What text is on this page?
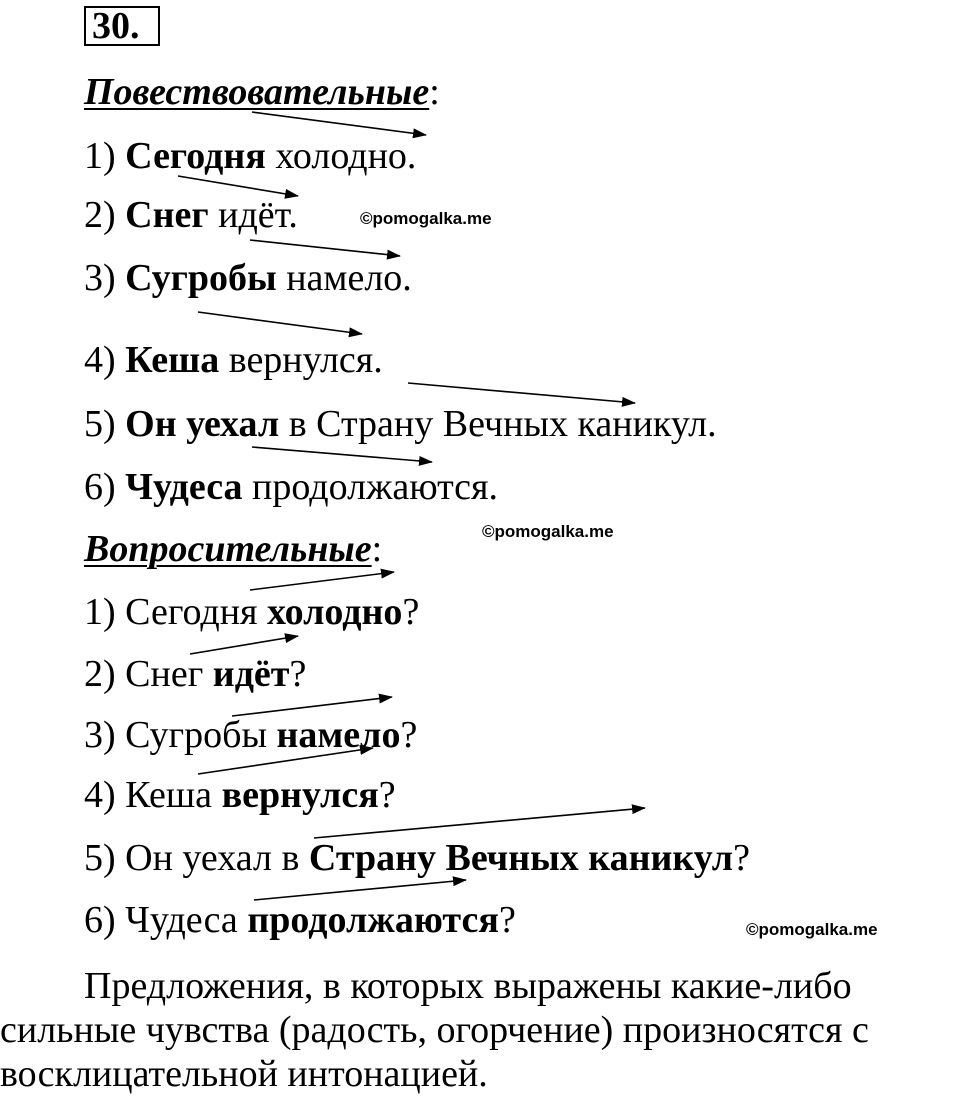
30.
Повествовательные:
1) Сегодня холодно.
2) Снег идёт.
3) Сугробы намело.
4) Кеша вернулся.
5) Он уехал в Страну Вечных каникул.
6) Чудеса продолжаются.
Вопросительные:
1) Сегодня холодно?
2) Снег идёт?
3) Сугробы намело?
4) Кеша вернулся?
5) Он уехал в Страну Вечных каникул?
6) Чудеса продолжаются?
©pomogalka.me
©pomogalka.me
©pomogalka.me
Предложения, в которых выражены какие-либо
сильные чувства (радость, огорчение) произносятся с
восклицательной интонацией.
